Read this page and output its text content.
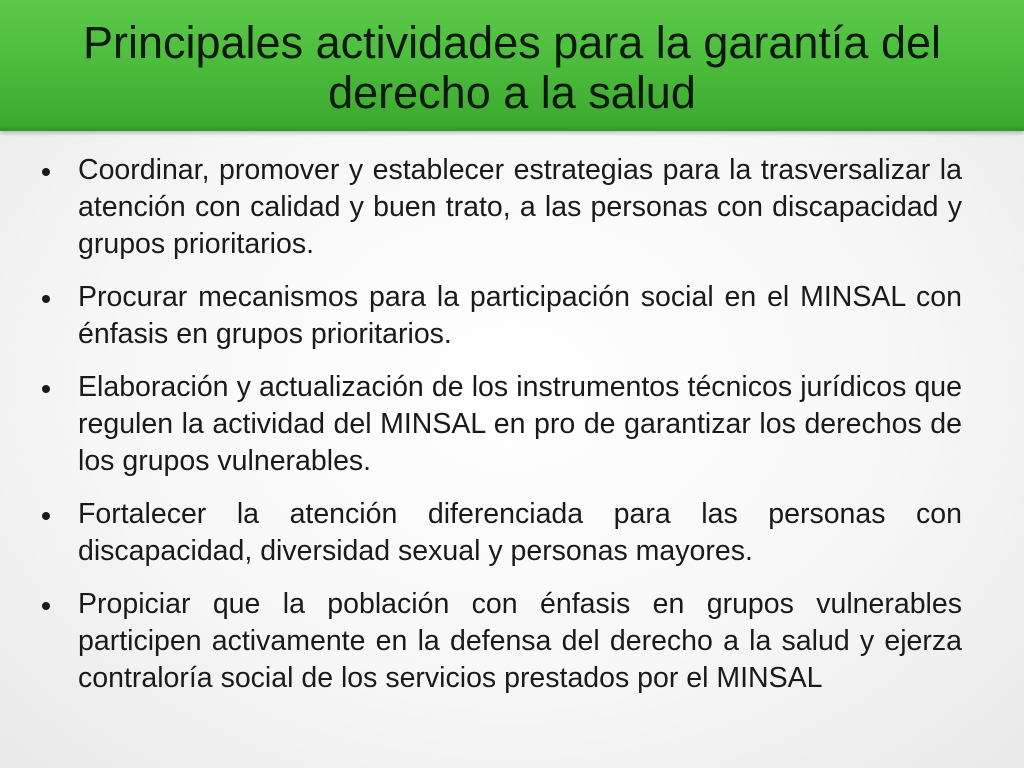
Principales actividades para la garantía del derecho a la salud
Coordinar, promover y establecer estrategias para la trasversalizar la atención con calidad y buen trato, a las personas con discapacidad y grupos prioritarios.
Procurar mecanismos para la participación social en el MINSAL con énfasis en grupos prioritarios.
Elaboración y actualización de los instrumentos técnicos jurídicos que regulen la actividad del MINSAL en pro de garantizar los derechos de los grupos vulnerables.
Fortalecer la atención diferenciada para las personas con discapacidad, diversidad sexual y personas mayores.
Propiciar que la población con énfasis en grupos vulnerables participen activamente en la defensa del derecho a la salud y ejerza contraloría social de los servicios prestados por el MINSAL
